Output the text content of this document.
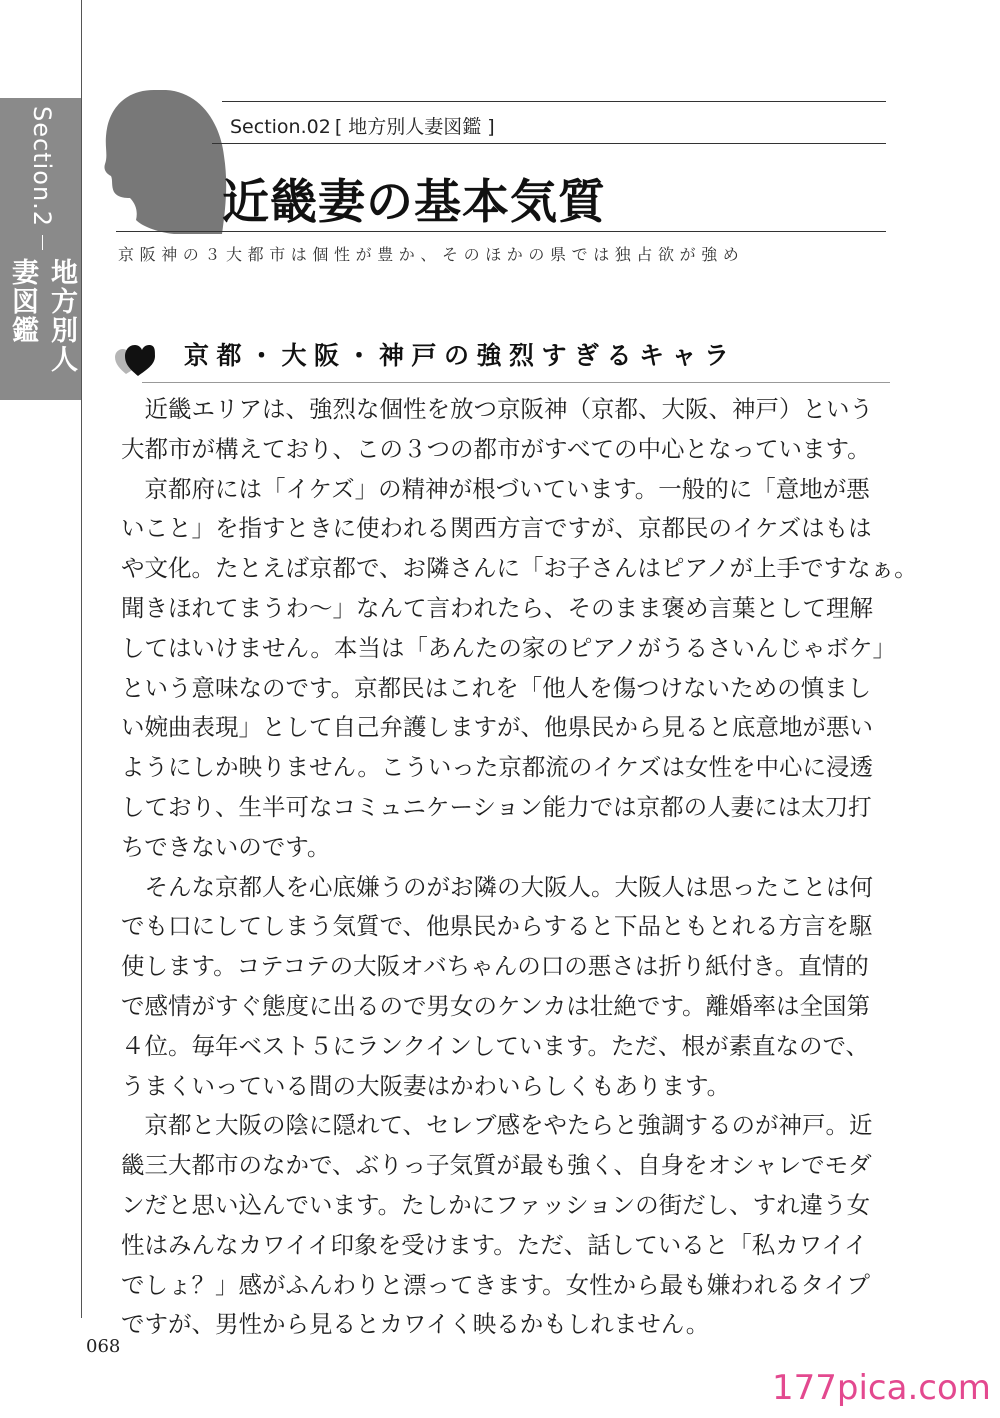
Section.2
地方別人妻図鑑
Section.02 [ 地方別人妻図鑑 ]
近畿妻の基本気質
京阪神の３大都市は個性が豊か、そのほかの県では独占欲が強め
京都・大阪・神戸の強烈すぎるキャラ
　近畿エリアは、強烈な個性を放つ京阪神（京都、大阪、神戸）という
大都市が構えており、この３つの都市がすべての中心となっています。
　京都府には「イケズ」の精神が根づいています。一般的に「意地が悪
いこと」を指すときに使われる関西方言ですが、京都民のイケズはもは
や文化。たとえば京都で、お隣さんに「お子さんはピアノが上手ですなぁ。
聞きほれてまうわ～」なんて言われたら、そのまま褒め言葉として理解
してはいけません。本当は「あんたの家のピアノがうるさいんじゃボケ」
という意味なのです。京都民はこれを「他人を傷つけないための慎まし
い婉曲表現」として自己弁護しますが、他県民から見ると底意地が悪い
ようにしか映りません。こういった京都流のイケズは女性を中心に浸透
しており、生半可なコミュニケーション能力では京都の人妻には太刀打
ちできないのです。
　そんな京都人を心底嫌うのがお隣の大阪人。大阪人は思ったことは何
でも口にしてしまう気質で、他県民からすると下品ともとれる方言を駆
使します。コテコテの大阪オバちゃんの口の悪さは折り紙付き。直情的
で感情がすぐ態度に出るので男女のケンカは壮絶です。離婚率は全国第
４位。毎年ベスト５にランクインしています。ただ、根が素直なので、
うまくいっている間の大阪妻はかわいらしくもあります。
　京都と大阪の陰に隠れて、セレブ感をやたらと強調するのが神戸。近
畿三大都市のなかで、ぶりっ子気質が最も強く、自身をオシャレでモダ
ンだと思い込んでいます。たしかにファッションの街だし、すれ違う女
性はみんなカワイイ印象を受けます。ただ、話していると「私カワイイ
でしょ？」感がふんわりと漂ってきます。女性から最も嫌われるタイプ
ですが、男性から見るとカワイく映るかもしれません。
068
177pica.com
